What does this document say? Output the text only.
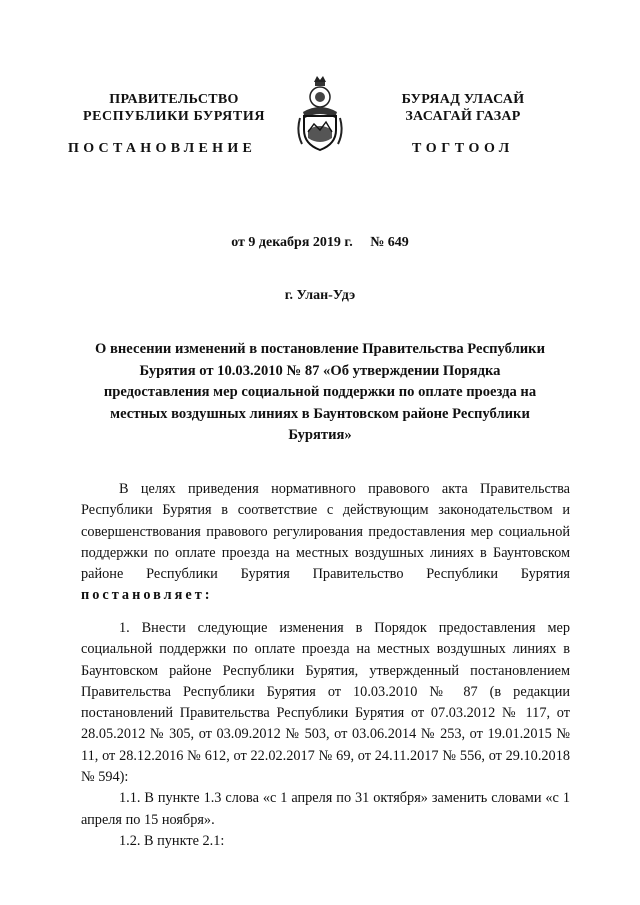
ПРАВИТЕЛЬСТВО
РЕСПУБЛИКИ БУРЯТИЯ
БУРЯАД УЛАСАЙ
ЗАСАГАЙ ГАЗАР
ПОСТАНОВЛЕНИЕ	ТОГТООЛ
от 9 декабря 2019 г. № 649
г. Улан-Удэ
О внесении изменений в постановление Правительства Республики Бурятия от 10.03.2010 № 87 «Об утверждении Порядка предоставления мер социальной поддержки по оплате проезда на местных воздушных линиях в Баунтовском районе Республики Бурятия»

В целях приведения нормативного правового акта Правительства Республики Бурятия в соответствие с действующим законодательством и совершенствования правового регулирования предоставления мер социальной поддержки по оплате проезда на местных воздушных линиях в Баунтовском районе Республики Бурятия Правительство Республики Бурятия постановляет:

1. Внести следующие изменения в Порядок предоставления мер социальной поддержки по оплате проезда на местных воздушных линиях в Баунтовском районе Республики Бурятия, утвержденный постановлением Правительства Республики Бурятия от 10.03.2010 № 87 (в редакции постановлений Правительства Республики Бурятия от 07.03.2012 № 117, от 28.05.2012 № 305, от 03.09.2012 № 503, от 03.06.2014 № 253, от 19.01.2015 № 11, от 28.12.2016 № 612, от 22.02.2017 № 69, от 24.11.2017 № 556, от 29.10.2018 № 594):

1.1. В пункте 1.3 слова «с 1 апреля по 31 октября» заменить словами «с 1 апреля по 15 ноября».

1.2. В пункте 2.1:
